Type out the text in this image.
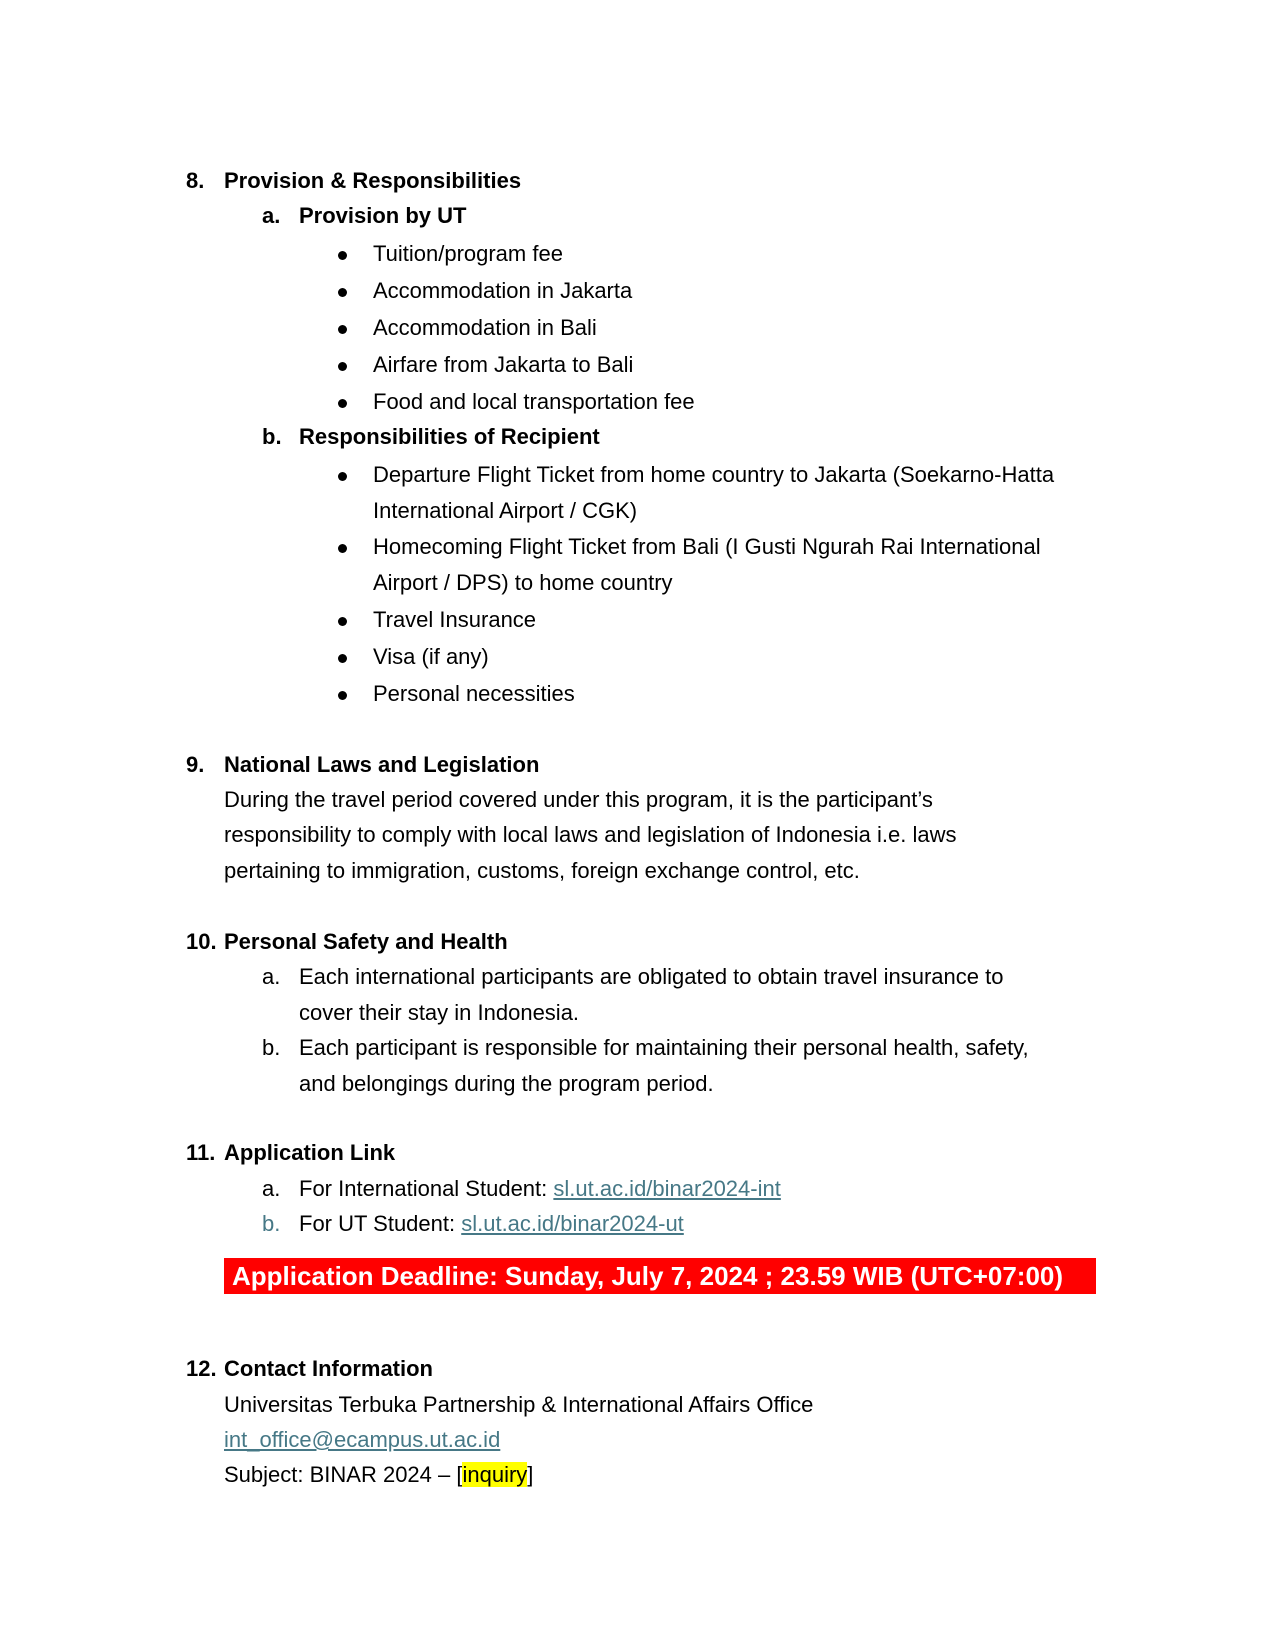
8. Provision & Responsibilities
a. Provision by UT
Tuition/program fee
Accommodation in Jakarta
Accommodation in Bali
Airfare from Jakarta to Bali
Food and local transportation fee
b. Responsibilities of Recipient
Departure Flight Ticket from home country to Jakarta (Soekarno-Hatta
International Airport / CGK)
Homecoming Flight Ticket from Bali (I Gusti Ngurah Rai International
Airport / DPS) to home country
Travel Insurance
Visa (if any)
Personal necessities
9. National Laws and Legislation
During the travel period covered under this program, it is the participant’s
responsibility to comply with local laws and legislation of Indonesia i.e. laws
pertaining to immigration, customs, foreign exchange control, etc.
10. Personal Safety and Health
a. Each international participants are obligated to obtain travel insurance to
cover their stay in Indonesia.
b. Each participant is responsible for maintaining their personal health, safety,
and belongings during the program period.
11. Application Link
a. For International Student: sl.ut.ac.id/binar2024-int
b. For UT Student: sl.ut.ac.id/binar2024-ut
Application Deadline: Sunday, July 7, 2024 ; 23.59 WIB (UTC+07:00)
12. Contact Information
Universitas Terbuka Partnership & International Affairs Office
int_office@ecampus.ut.ac.id
Subject: BINAR 2024 – [inquiry]
